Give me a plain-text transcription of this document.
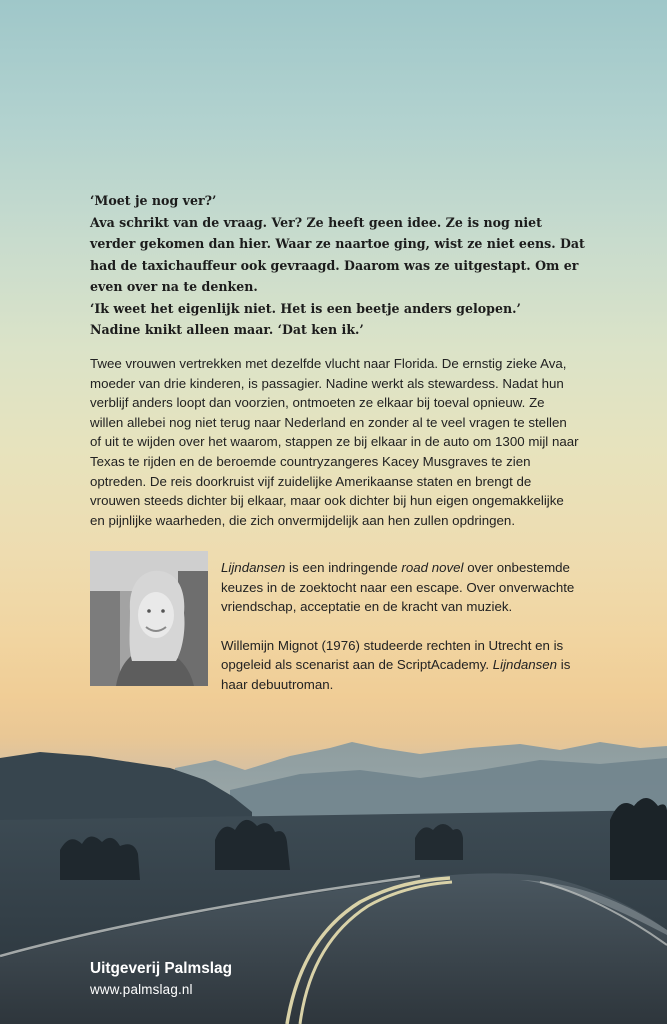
‘Moet je nog ver?’

Ava schrikt van de vraag. Ver? Ze heeft geen idee. Ze is nog niet verder gekomen dan hier. Waar ze naartoe ging, wist ze niet eens. Dat had de taxichauffeur ook gevraagd. Daarom was ze uitgestapt. Om er even over na te denken.

‘Ik weet het eigenlijk niet. Het is een beetje anders gelopen.’

Nadine knikt alleen maar. ‘Dat ken ik.’

Twee vrouwen vertrekken met dezelfde vlucht naar Florida. De ernstig zieke Ava, moeder van drie kinderen, is passagier. Nadine werkt als stewardess. Nadat hun verblijf anders loopt dan voorzien, ontmoeten ze elkaar bij toeval opnieuw. Ze willen allebei nog niet terug naar Nederland en zonder al te veel vragen te stellen of uit te wijden over het waarom, stappen ze bij elkaar in de auto om 1300 mijl naar Texas te rijden en de beroemde countryzangeres Kacey Musgraves te zien optreden. De reis doorkruist vijf zuidelijke Amerikaanse staten en brengt de vrouwen steeds dichter bij elkaar, maar ook dichter bij hun eigen ongemakkelijke en pijnlijke waarheden, die zich onvermijdelijk aan hen zullen opdringen.

Lijndansen is een indringende road novel over onbestemde keuzes in de zoektocht naar een escape. Over onverwachte vriendschap, acceptatie en de kracht van muziek.

Willemijn Mignot (1976) studeerde rechten in Utrecht en is opgeleid als scenarist aan de ScriptAcademy. Lijndansen is haar debuutroman.

Uitgeverij Palmslag
www.palmslag.nl
